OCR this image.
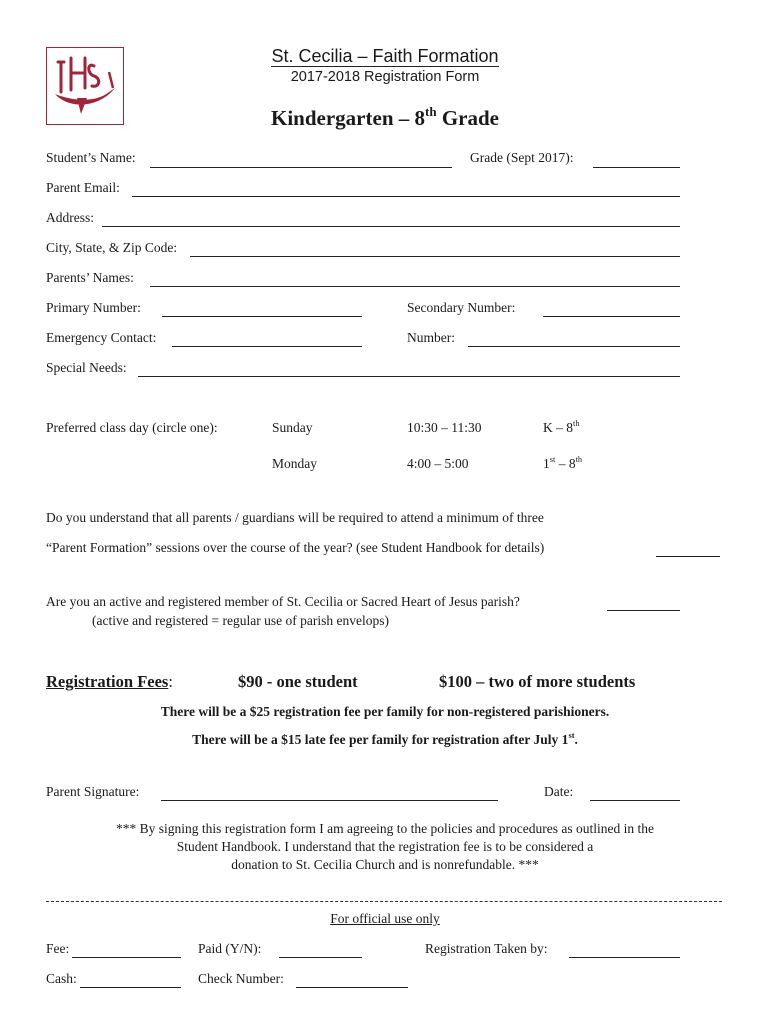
St. Cecilia – Faith Formation
2017-2018 Registration Form
Kindergarten – 8th Grade
Student’s Name:	Grade (Sept 2017):
Parent Email:
Address:
City, State, & Zip Code:
Parents’ Names:
Primary Number:	Secondary Number:
Emergency Contact:	Number:
Special Needs:
Preferred class day (circle one):	Sunday	10:30 – 11:30	K – 8th
Monday	4:00 – 5:00	1st – 8th
Do you understand that all parents / guardians will be required to attend a minimum of three
“Parent Formation” sessions over the course of the year? (see Student Handbook for details)
Are you an active and registered member of St. Cecilia or Sacred Heart of Jesus parish?
(active and registered = regular use of parish envelops)
Registration Fees:	$90 - one student	$100 – two of more students
There will be a $25 registration fee per family for non-registered parishioners.
There will be a $15 late fee per family for registration after July 1st.
Parent Signature:	Date:
*** By signing this registration form I am agreeing to the policies and procedures as outlined in the
Student Handbook. I understand that the registration fee is to be considered a
donation to St. Cecilia Church and is nonrefundable. ***
For official use only
Fee:	Paid (Y/N):	Registration Taken by:
Cash:	Check Number:
